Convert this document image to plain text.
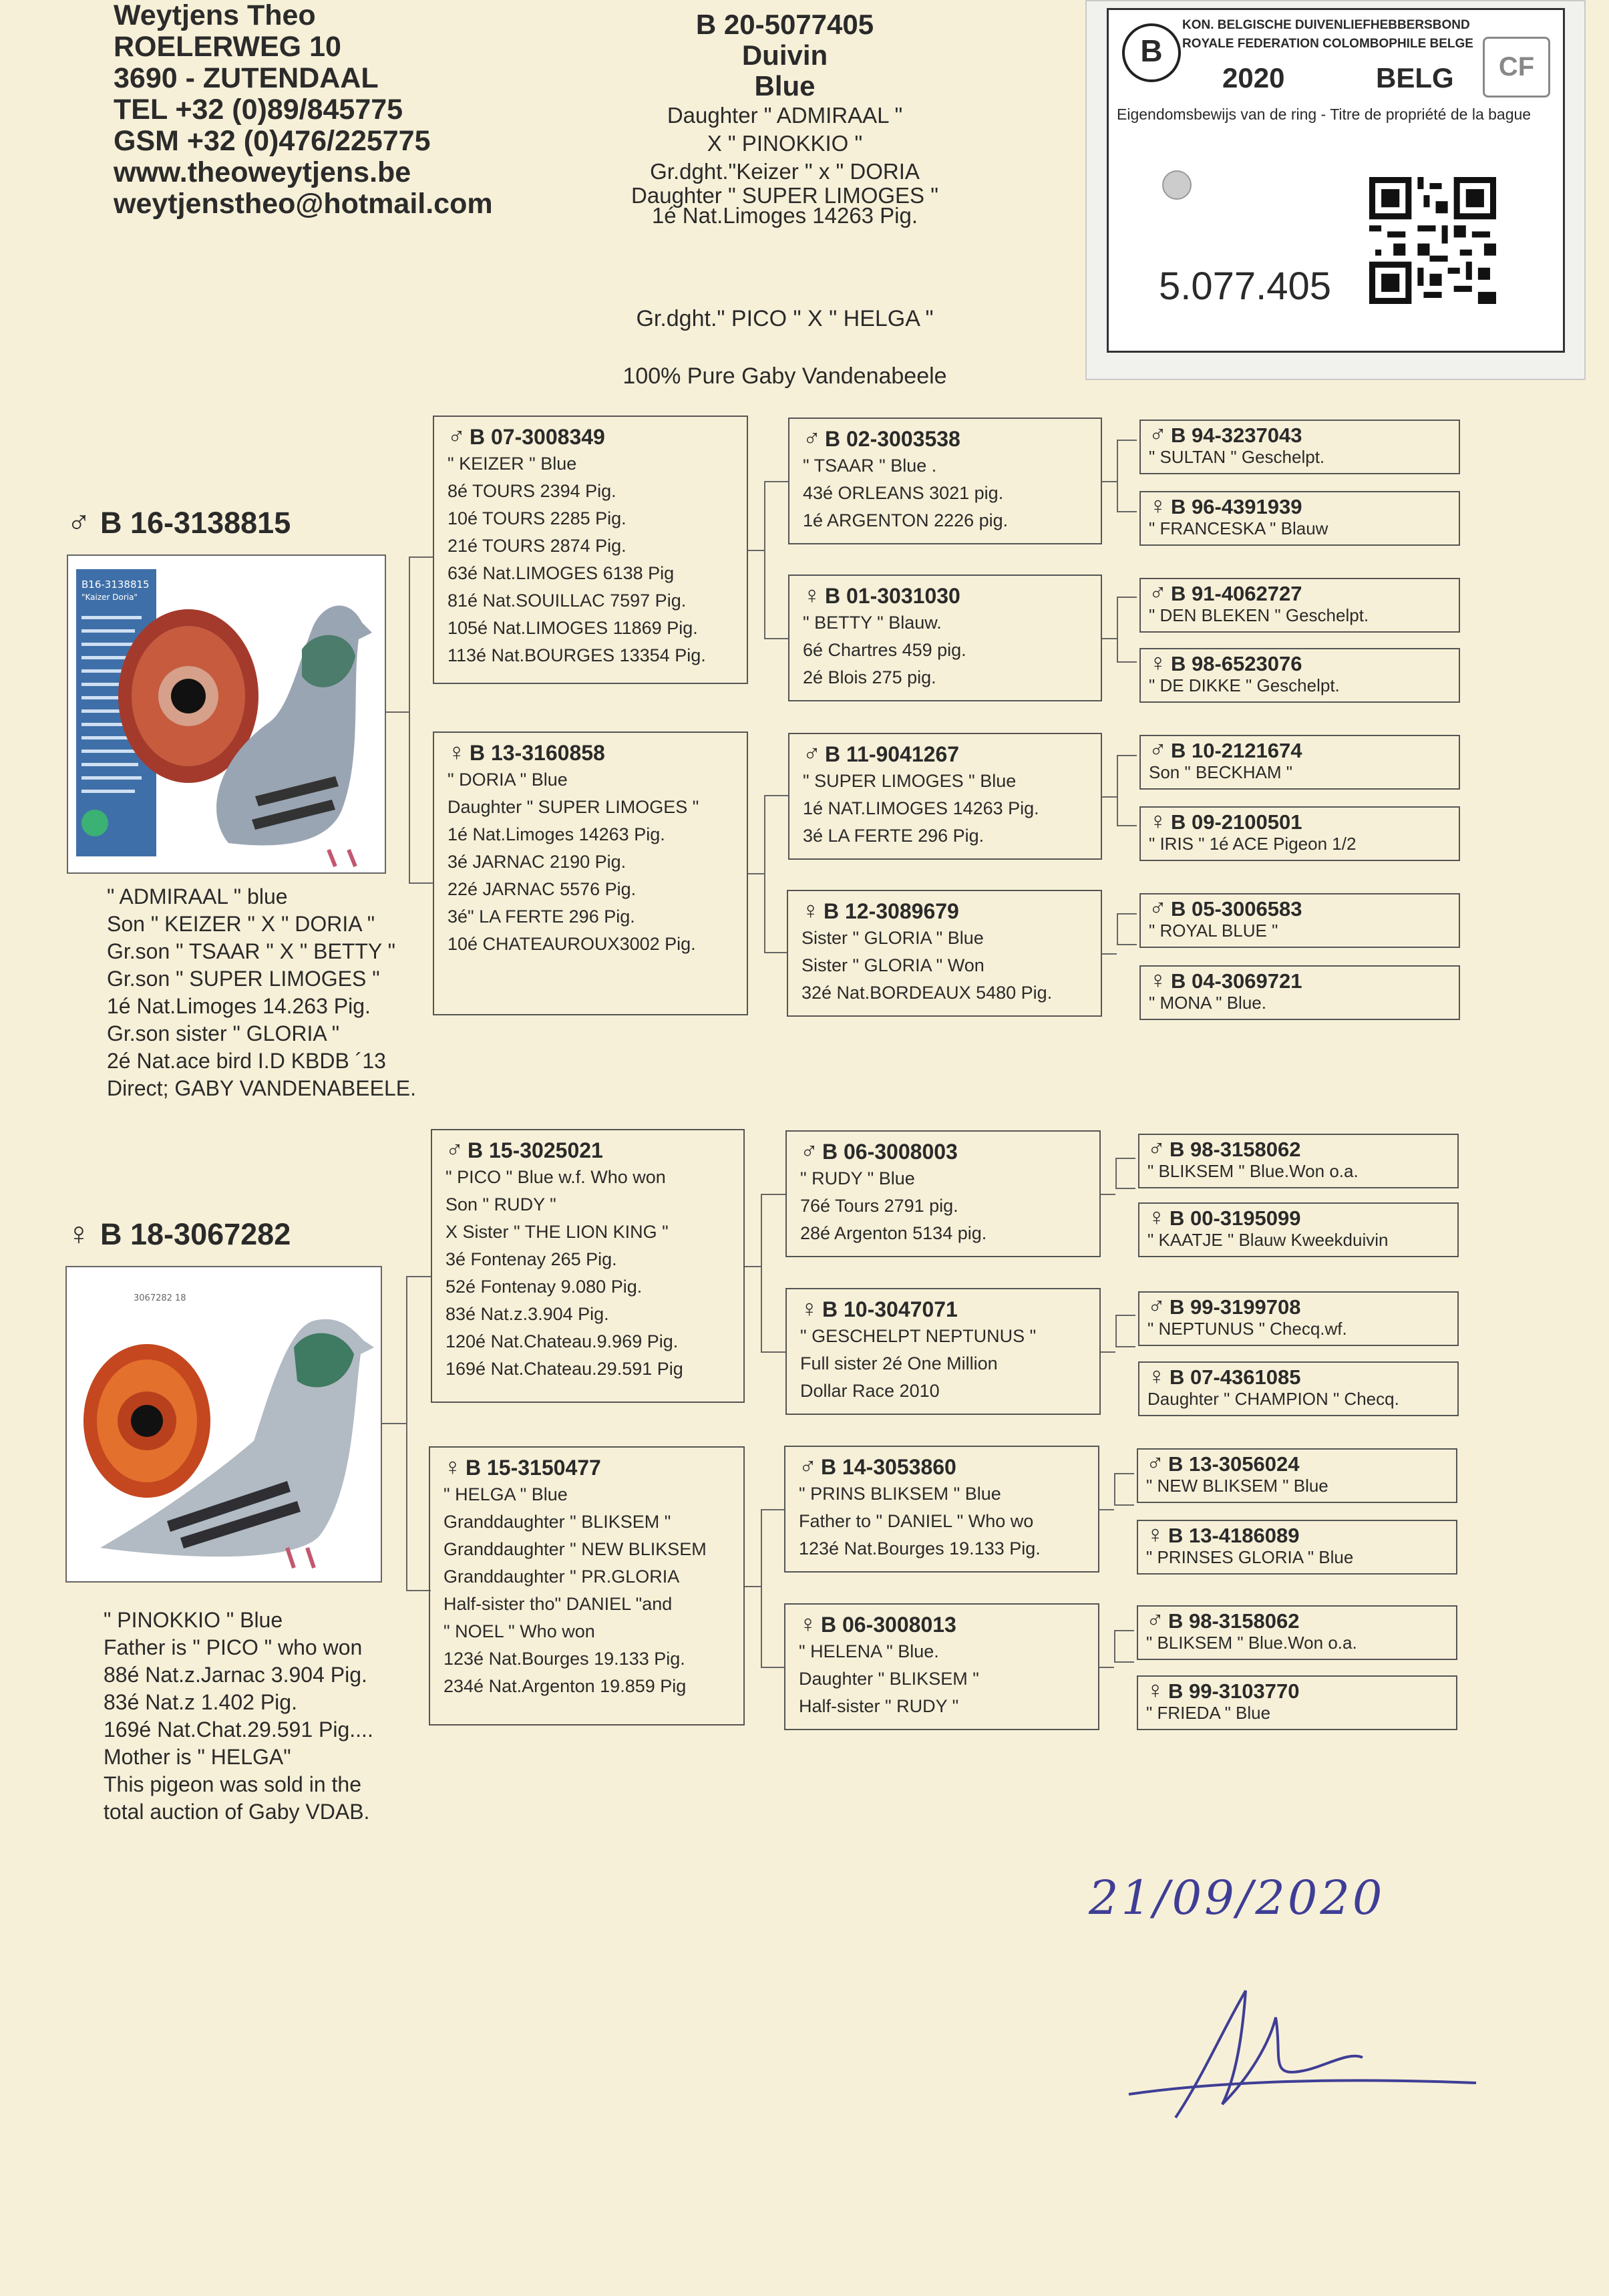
Weytjens Theo
ROELERWEG 10
3690 - ZUTENDAAL
TEL +32 (0)89/845775
GSM +32 (0)476/225775
www.theoweytjens.be
weytjenstheo@hotmail.com
B 20-5077405
Duivin
Blue
Daughter " ADMIRAAL "
X " PINOKKIO "
Gr.dght."Keizer " x " DORIA
Daughter " SUPER LIMOGES "
1é Nat.Limoges 14263 Pig.
Gr.dght." PICO " X " HELGA "
100% Pure Gaby Vandenabeele
B
KON. BELGISCHE DUIVENLIEFHEBBERSBOND
ROYALE FEDERATION COLOMBOPHILE BELGE
2020	BELG	CF
Eigendomsbewijs van de ring - Titre de propriété de la bague
5.077.405
♂ B 16-3138815
B16-3138815
"Kaizer Doria"
" ADMIRAAL " blue
Son " KEIZER " X " DORIA "
Gr.son " TSAAR " X " BETTY "
Gr.son " SUPER LIMOGES "
1é Nat.Limoges 14.263 Pig.
Gr.son sister " GLORIA "
2é Nat.ace bird I.D KBDB ´13
Direct; GABY VANDENABEELE.
♀ B 18-3067282
3067282 18
" PINOKKIO " Blue
Father is " PICO " who won
88é Nat.z.Jarnac 3.904 Pig.
83é Nat.z 1.402 Pig.
169é Nat.Chat.29.591 Pig....
Mother is " HELGA"
This pigeon was sold in the
total auction of Gaby VDAB.
♂ B 07-3008349
" KEIZER " Blue
8é TOURS 2394 Pig.
10é TOURS 2285 Pig.
21é TOURS 2874 Pig.
63é Nat.LIMOGES 6138 Pig
81é Nat.SOUILLAC 7597 Pig.
105é Nat.LIMOGES 11869 Pig.
113é Nat.BOURGES 13354 Pig.
♀ B 13-3160858
" DORIA " Blue
Daughter " SUPER LIMOGES "
1é Nat.Limoges 14263 Pig.
3é JARNAC 2190 Pig.
22é JARNAC 5576 Pig.
3é" LA FERTE 296 Pig.
10é CHATEAUROUX3002 Pig.
♂ B 15-3025021
" PICO " Blue w.f. Who won
Son " RUDY "
X Sister " THE LION KING "
3é Fontenay 265 Pig.
52é Fontenay 9.080 Pig.
83é Nat.z.3.904 Pig.
120é Nat.Chateau.9.969 Pig.
169é Nat.Chateau.29.591 Pig
♀ B 15-3150477
" HELGA " Blue
Granddaughter " BLIKSEM "
Granddaughter " NEW BLIKSEM
Granddaughter " PR.GLORIA
Half-sister tho" DANIEL "and
" NOEL " Who won
123é Nat.Bourges 19.133 Pig.
234é Nat.Argenton 19.859 Pig
♂ B 02-3003538
" TSAAR " Blue .
43é ORLEANS 3021 pig.
1é ARGENTON 2226 pig.
♀ B 01-3031030
" BETTY " Blauw.
6é Chartres 459 pig.
2é Blois 275 pig.
♂ B 11-9041267
" SUPER LIMOGES " Blue
1é NAT.LIMOGES 14263 Pig.
3é LA FERTE 296 Pig.
♀ B 12-3089679
Sister " GLORIA " Blue
Sister " GLORIA " Won
32é Nat.BORDEAUX 5480 Pig.
♂ B 06-3008003
" RUDY " Blue
76é Tours 2791 pig.
28é Argenton 5134 pig.
♀ B 10-3047071
" GESCHELPT NEPTUNUS "
Full sister 2é One Million
Dollar Race 2010
♂ B 14-3053860
" PRINS BLIKSEM " Blue
Father to " DANIEL " Who wo
123é Nat.Bourges 19.133 Pig.
♀ B 06-3008013
" HELENA " Blue.
Daughter " BLIKSEM "
Half-sister " RUDY "
♂ B 94-3237043
" SULTAN " Geschelpt.
♀ B 96-4391939
" FRANCESKA " Blauw
♂ B 91-4062727
" DEN BLEKEN " Geschelpt.
♀ B 98-6523076
" DE DIKKE " Geschelpt.
♂ B 10-2121674
Son " BECKHAM "
♀ B 09-2100501
" IRIS " 1é ACE Pigeon 1/2
♂ B 05-3006583
" ROYAL BLUE "
♀ B 04-3069721
" MONA " Blue.
♂ B 98-3158062
" BLIKSEM " Blue.Won o.a.
♀ B 00-3195099
" KAATJE " Blauw Kweekduivin
♂ B 99-3199708
" NEPTUNUS " Checq.wf.
♀ B 07-4361085
Daughter " CHAMPION " Checq.
♂ B 13-3056024
" NEW BLIKSEM " Blue
♀ B 13-4186089
" PRINSES GLORIA " Blue
♂ B 98-3158062
" BLIKSEM " Blue.Won o.a.
♀ B 99-3103770
" FRIEDA " Blue
21/09/2020
